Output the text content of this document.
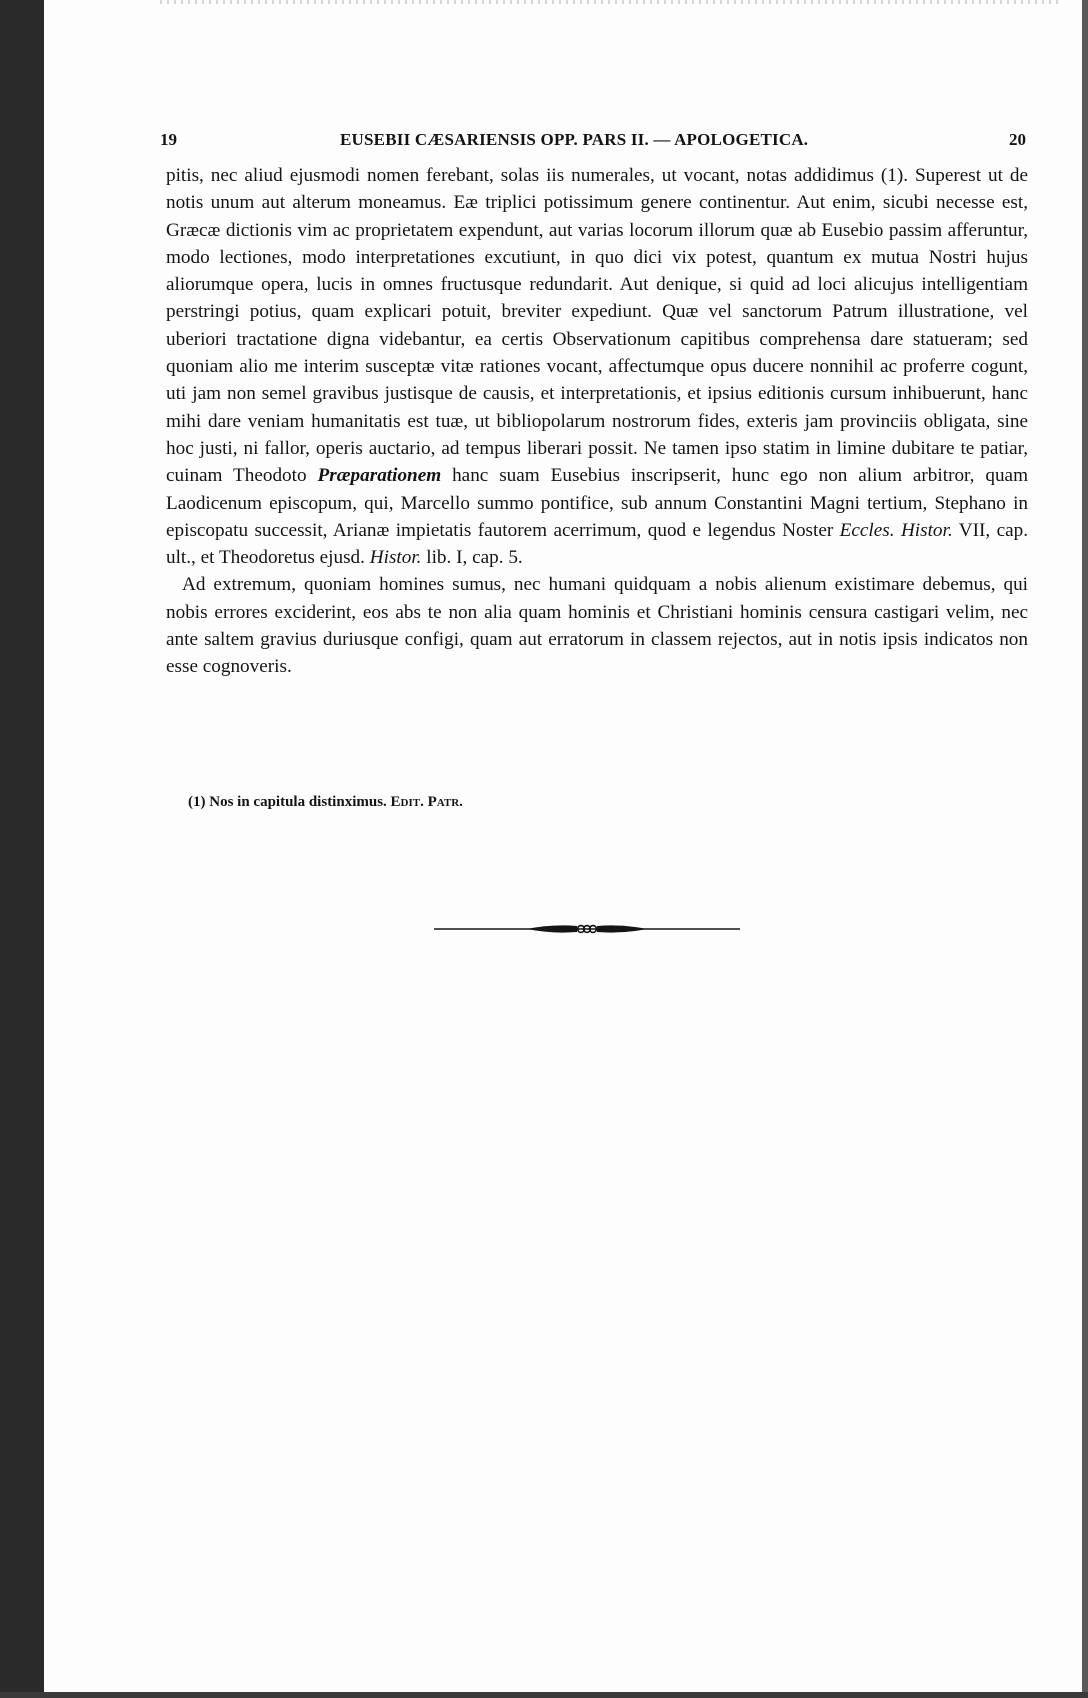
19	EUSEBII CÆSARIENSIS OPP. PARS II. — APOLOGETICA.	20

pitis, nec aliud ejusmodi nomen ferebant, solas iis numerales, ut vocant, notas addidimus (1). Superest ut de notis unum aut alterum moneamus. Eæ triplici potissimum genere continentur. Aut enim, sicubi necesse est, Græcæ dictionis vim ac proprietatem expendunt, aut varias locorum illorum quæ ab Eusebio passim afferuntur, modo lectiones, modo interpretationes excutiunt, in quo dici vix potest, quantum ex mutua Nostri hujus aliorumque opera, lucis in omnes fructusque redundarit. Aut denique, si quid ad loci alicujus intelligentiam perstringi potius, quam explicari potuit, breviter expediunt. Quæ vel sanctorum Patrum illustratione, vel uberiori tractatione digna videbantur, ea certis Observationum capitibus comprehensa dare statueram; sed quoniam alio me interim susceptæ vitæ rationes vocant, affectumque opus ducere nonnihil ac proferre cogunt, uti jam non semel gravibus justisque de causis, et interpretationis, et ipsius editionis cursum inhibuerunt, hanc mihi dare veniam humanitatis est tuæ, ut bibliopolarum nostrorum fides, exteris jam provinciis obligata, sine hoc justi, ni fallor, operis auctario, ad tempus liberari possit. Ne tamen ipso statim in limine dubitare te patiar, cuinam Theodoto Præparationem hanc suam Eusebius inscripserit, hunc ego non alium arbitror, quam Laodicenum episcopum, qui, Marcello summo pontifice, sub annum Constantini Magni tertium, Stephano in episcopatu successit, Arianæ impietatis fautorem acerrimum, quod e legendus Noster Eccles. Histor. VII, cap. ult., et Theodoretus ejusd. Histor. lib. I, cap. 5.

Ad extremum, quoniam homines sumus, nec humani quidquam a nobis alienum existimare debemus, qui nobis errores exciderint, eos abs te non alia quam hominis et Christiani hominis censura castigari velim, nec ante saltem gravius duriusque configi, quam aut erratorum in classem rejectos, aut in notis ipsis indicatos non esse cognoveris.

(1) Nos in capitula distinximus. Edit. Patr.
